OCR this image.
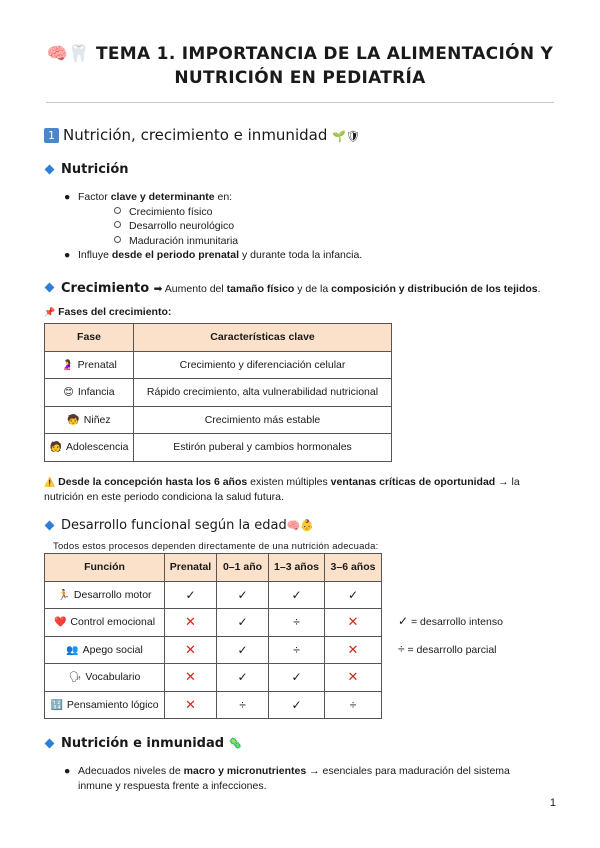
🧠🦷 TEMA 1. IMPORTANCIA DE LA ALIMENTACIÓN Y
NUTRICIÓN EN PEDIATRÍA
1 Nutrición, crecimiento e inmunidad 🌱🛡
Nutrición
● Factor clave y determinante en:
Crecimiento físico
Desarrollo neurológico
Maduración inmunitaria
● Influye desde el periodo prenatal y durante toda la infancia.
Crecimiento ➡ Aumento del tamaño físico y de la composición y distribución de los tejidos.
📌 Fases del crecimiento:
Fase	Características clave
🤰 Prenatal	Crecimiento y diferenciación celular
😊 Infancia	Rápido crecimiento, alta vulnerabilidad nutricional
🧒 Niñez	Crecimiento más estable
🧑 Adolescencia	Estirón puberal y cambios hormonales
⚠️ Desde la concepción hasta los 6 años existen múltiples ventanas críticas de oportunidad → la
nutrición en este periodo condiciona la salud futura.
Desarrollo funcional según la edad🧠👶
Todos estos procesos dependen directamente de una nutrición adecuada:
Función	Prenatal	0–1 año	1–3 años	3–6 años
🏃 Desarrollo motor	✓	✓	✓	✓
❤️ Control emocional	✕	✓	÷	✕
👥 Apego social	✕	✓	÷	✕
🗣 Vocabulario	✕	✓	✓	✕
🔢 Pensamiento lógico	✕	÷	✓	÷
✓ = desarrollo intenso
÷ = desarrollo parcial
Nutrición e inmunidad 🦠
● Adecuados niveles de macro y micronutrientes → esenciales para maduración del sistema
inmune y respuesta frente a infecciones.
1
